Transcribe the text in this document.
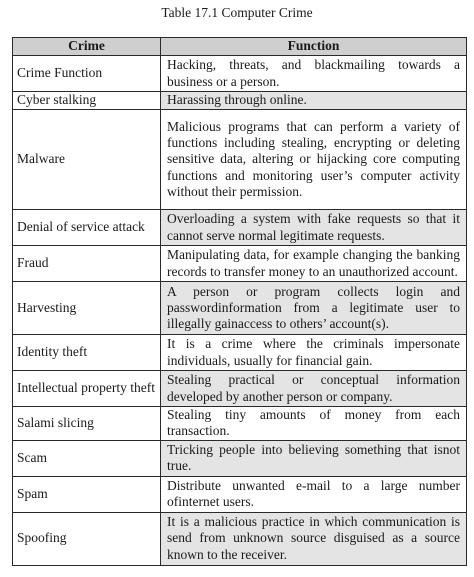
Table 17.1 Computer Crime
Crime	Function
Crime Function	Hacking, threats, and blackmailing towards a business or a person.
Cyber stalking	Harassing through online.
Malware	Malicious programs that can perform a variety of functions including stealing, encrypting or deleting sensitive data, altering or hijacking core computing functions and monitoring user’s computer activity without their permission.
Denial of service attack	Overloading a system with fake requests so that it cannot serve normal legitimate requests.
Fraud	Manipulating data, for example changing the banking records to transfer money to an unauthorized account.
Harvesting	A person or program collects login and passwordinformation from a legitimate user to illegally gainaccess to others’ account(s).
Identity theft	It is a crime where the criminals impersonate individuals, usually for financial gain.
Intellectual property theft	Stealing practical or conceptual information developed by another person or company.
Salami slicing	Stealing tiny amounts of money from each transaction.
Scam	Tricking people into believing something that isnot true.
Spam	Distribute unwanted e-mail to a large number ofinternet users.
Spoofing	It is a malicious practice in which communication is send from unknown source disguised as a source known to the receiver.
